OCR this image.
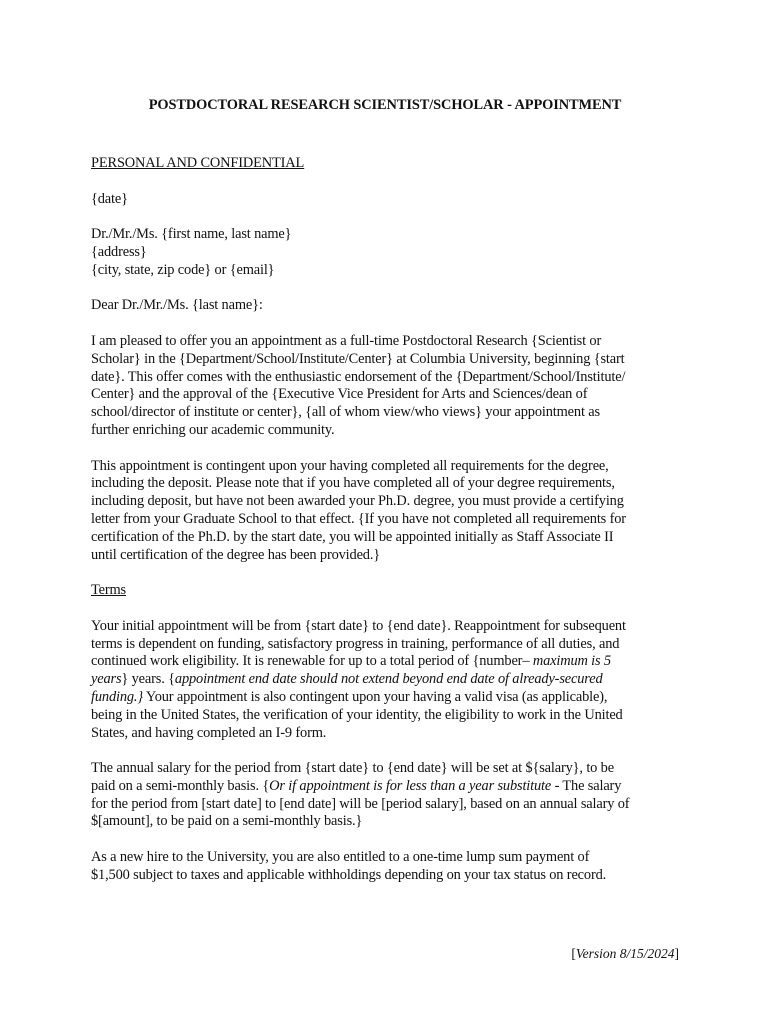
POSTDOCTORAL RESEARCH SCIENTIST/SCHOLAR - APPOINTMENT

PERSONAL AND CONFIDENTIAL

{date}

Dr./Mr./Ms. {first name, last name}
{address}
{city, state, zip code} or {email}

Dear Dr./Mr./Ms. {last name}:

I am pleased to offer you an appointment as a full-time Postdoctoral Research {Scientist or
Scholar} in the {Department/School/Institute/Center} at Columbia University, beginning {start
date}. This offer comes with the enthusiastic endorsement of the {Department/School/Institute/
Center} and the approval of the {Executive Vice President for Arts and Sciences/dean of
school/director of institute or center}, {all of whom view/who views} your appointment as
further enriching our academic community.

This appointment is contingent upon your having completed all requirements for the degree,
including the deposit. Please note that if you have completed all of your degree requirements,
including deposit, but have not been awarded your Ph.D. degree, you must provide a certifying
letter from your Graduate School to that effect. {If you have not completed all requirements for
certification of the Ph.D. by the start date, you will be appointed initially as Staff Associate II
until certification of the degree has been provided.}

Terms

Your initial appointment will be from {start date} to {end date}. Reappointment for subsequent
terms is dependent on funding, satisfactory progress in training, performance of all duties, and
continued work eligibility. It is renewable for up to a total period of {number– maximum is 5
years} years. {appointment end date should not extend beyond end date of already-secured
funding.} Your appointment is also contingent upon your having a valid visa (as applicable),
being in the United States, the verification of your identity, the eligibility to work in the United
States, and having completed an I-9 form.

The annual salary for the period from {start date} to {end date} will be set at ${salary}, to be
paid on a semi-monthly basis. {Or if appointment is for less than a year substitute - The salary
for the period from [start date] to [end date] will be [period salary], based on an annual salary of
$[amount], to be paid on a semi-monthly basis.}

As a new hire to the University, you are also entitled to a one-time lump sum payment of
$1,500 subject to taxes and applicable withholdings depending on your tax status on record.

[Version 8/15/2024]
